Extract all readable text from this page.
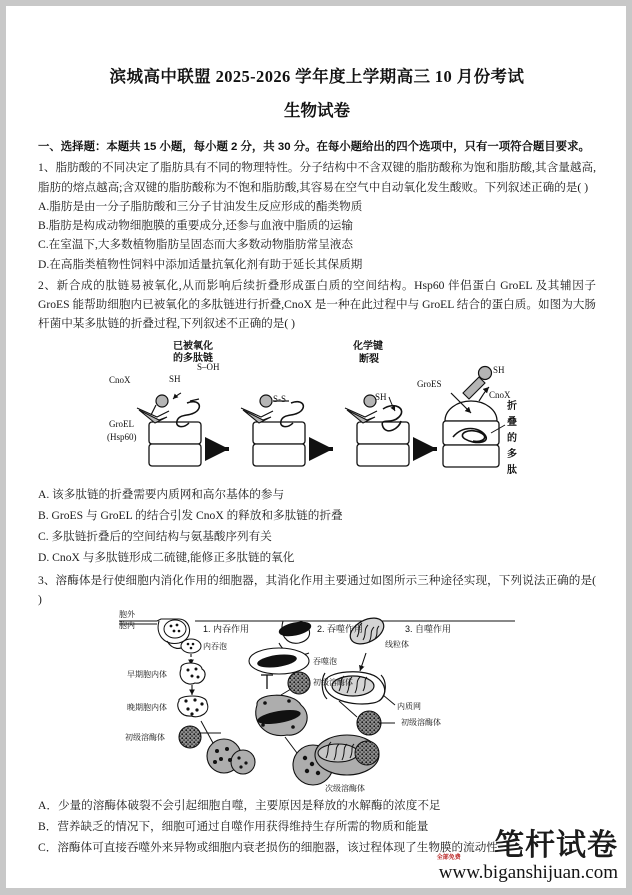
滨城高中联盟 2025-2026 学年度上学期高三 10 月份考试
生物试卷
一、选择题：本题共 15 小题，每小题 2 分，共 30 分。在每小题给出的四个选项中，只有一项符合题目要求。
1、脂肪酸的不同决定了脂肪具有不同的物理特性。分子结构中不含双键的脂肪酸称为饱和脂肪酸,其含量越高,脂肪的熔点越高;含双键的脂肪酸称为不饱和脂肪酸,其容易在空气中自动氧化发生酸败。下列叙述正确的是( )
A.脂肪是由一分子脂肪酸和三分子甘油发生反应形成的酯类物质
B.脂肪是构成动物细胞膜的重要成分,还参与血液中脂质的运输
C.在室温下,大多数植物脂肪呈固态而大多数动物脂肪常呈液态
D.在高脂类植物性饲料中添加适量抗氧化剂有助于延长其保质期
2、新合成的肽链易被氧化,从而影响后续折叠形成蛋白质的空间结构。Hsp60 伴侣蛋白 GroEL 及其辅因子 GroES 能帮助细胞内已被氧化的多肽链进行折叠,CnoX 是一种在此过程中与 GroEL 结合的蛋白质。如图为大肠杆菌中某多肽链的折叠过程,下列叙述不正确的是( )
已被氧化
的多肽链
S–OH
CnoX	SH
GroEL
(Hsp60)
S-S
化学键
断裂
SH
GroES
SH
CnoX
折
叠
的
多
肽
A. 该多肽链的折叠需要内质网和高尔基体的参与
B. GroES 与 GroEL 的结合引发 CnoX 的释放和多肽链的折叠
C. 多肽链折叠后的空间结构与氨基酸序列有关
D. CnoX 与多肽链形成二硫键,能修正多肽链的氧化
3、溶酶体是行使细胞内消化作用的细胞器，其消化作用主要通过如图所示三种途径实现，下列说法正确的是( )
胞外
胞内	1. 内吞作用	2. 吞噬作用	3. 自噬作用
内吞泡
早期胞内体
晚期胞内体
初级溶酶体
吞噬泡
初级溶酶体
次级溶酶体
线粒体
内质网
初级溶酶体
A．少量的溶酶体破裂不会引起细胞自噬，主要原因是释放的水解酶的浓度不足
B．营养缺乏的情况下，细胞可通过自噬作用获得维持生存所需的物质和能量
C．溶酶体可直接吞噬外来异物或细胞内衰老损伤的细胞器，该过程体现了生物膜的流动性
笔杆试卷
全部免费
www.biganshijuan.com
